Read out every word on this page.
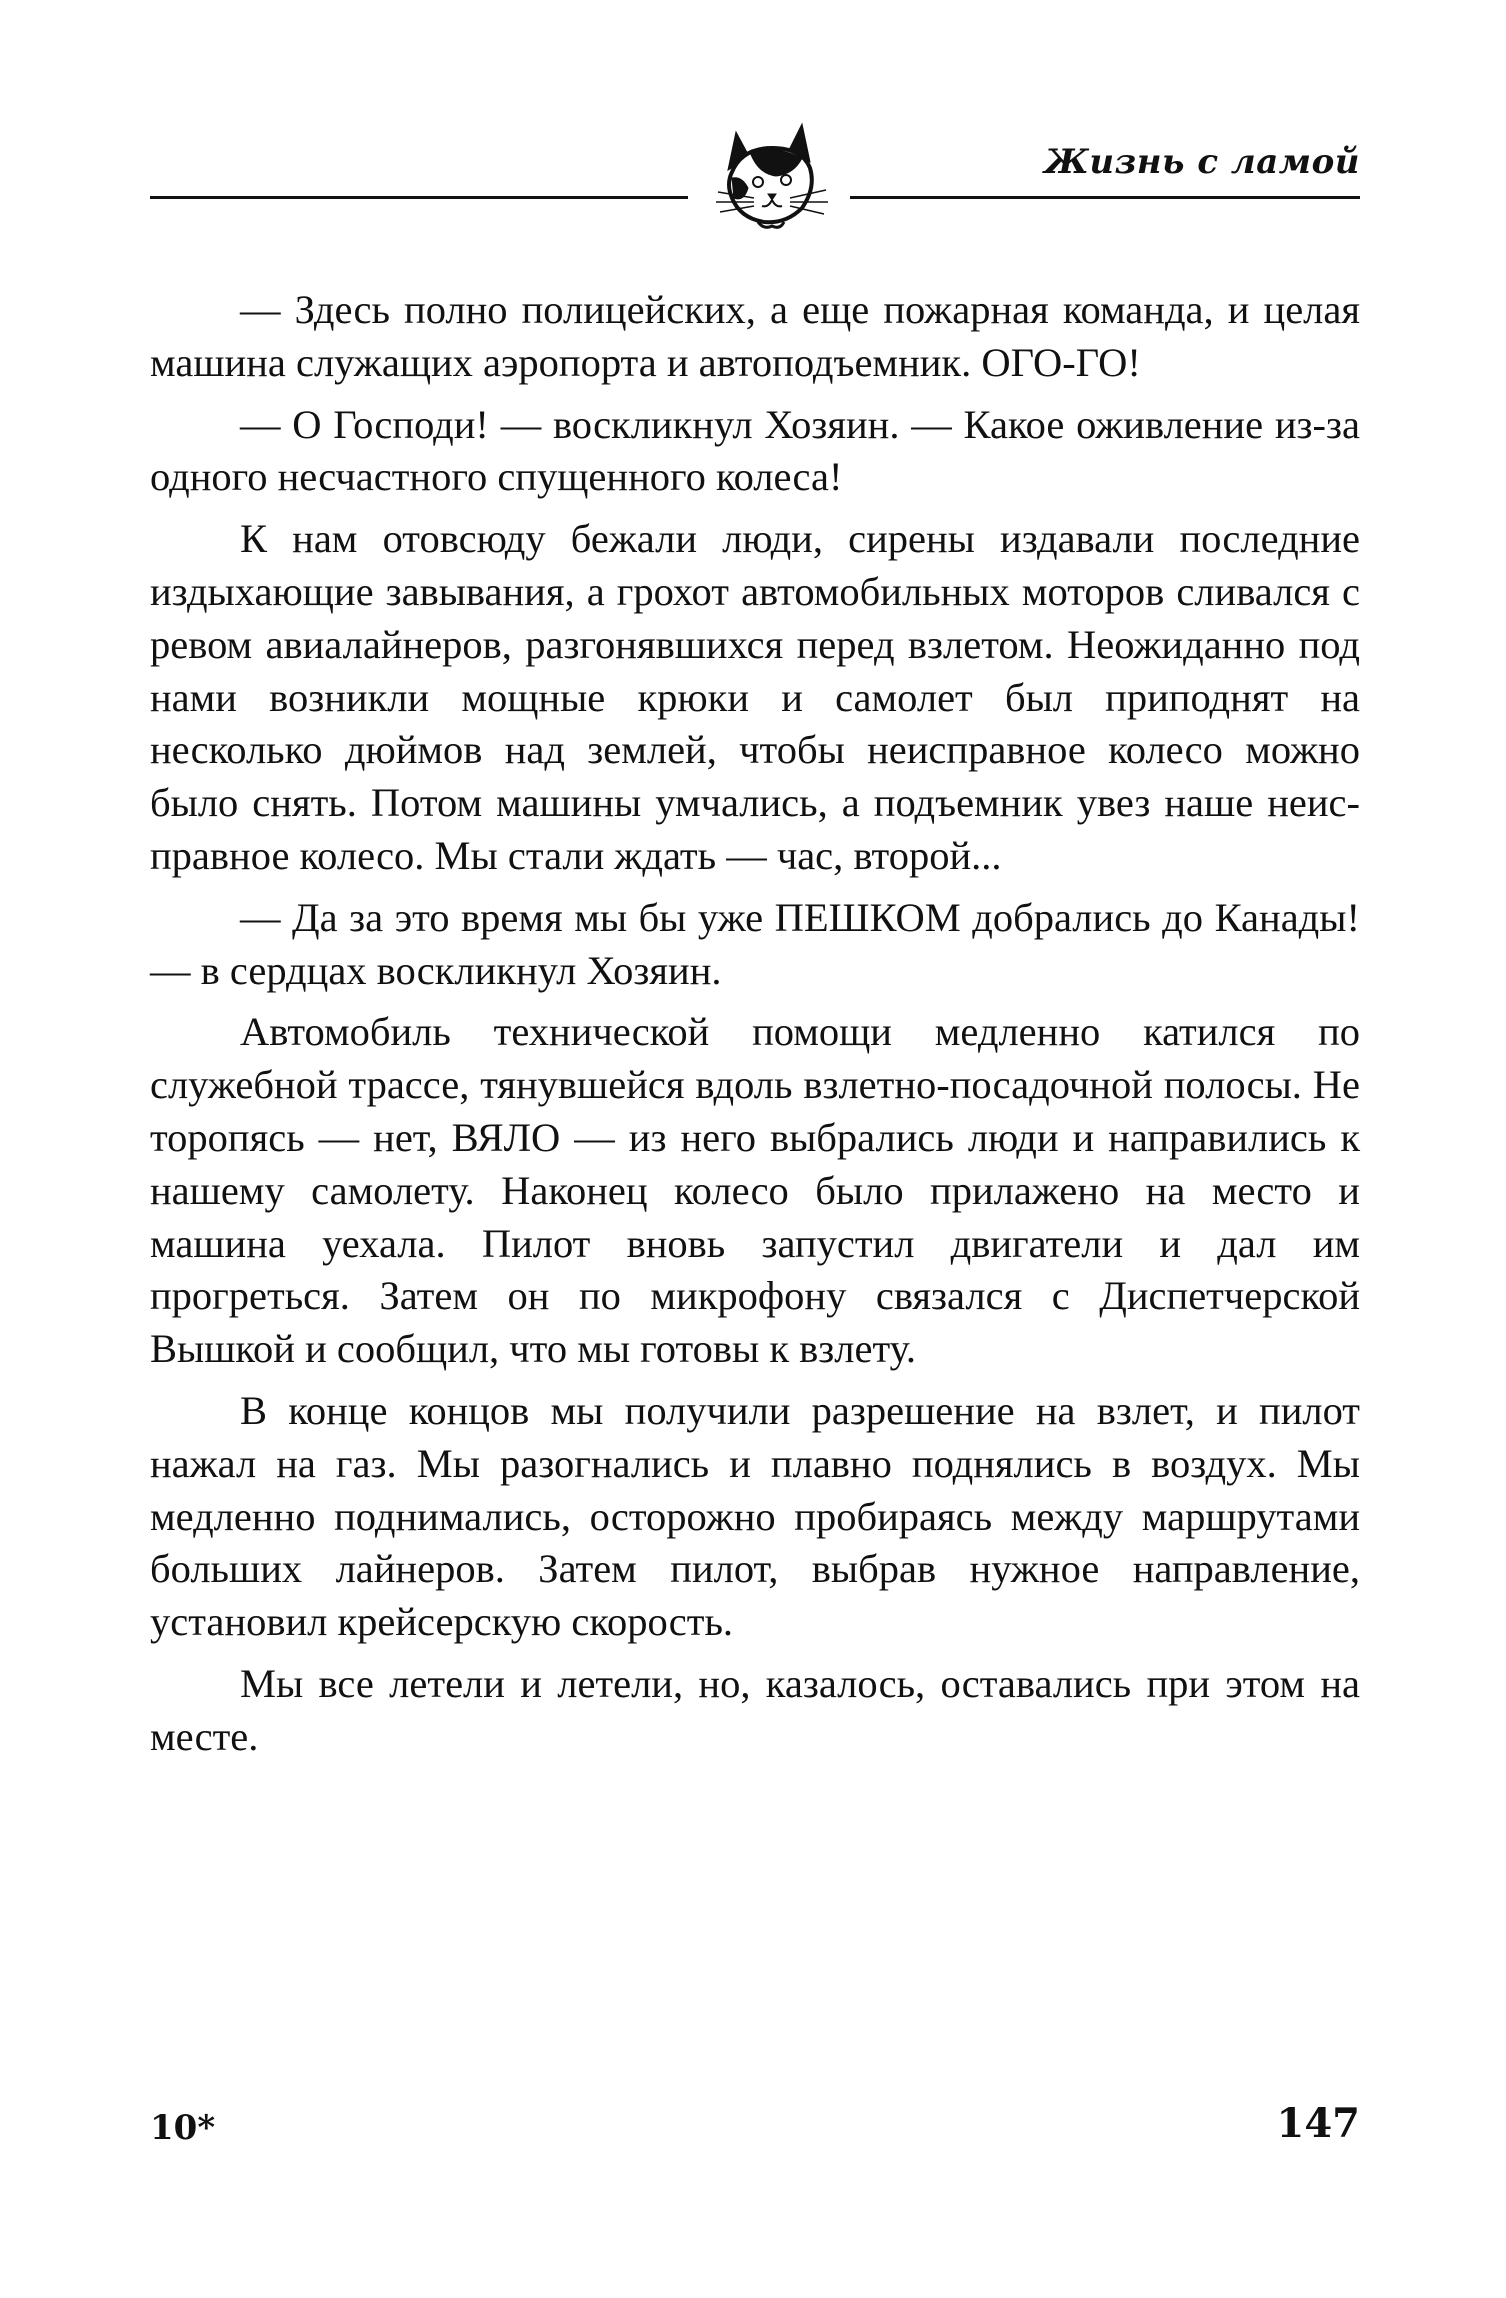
Жизнь с ламой

— Здесь полно полицейских, а еще пожарная команда, и целая машина служащих аэропорта и автоподъемник. ОГО-ГО!

— О Господи! — воскликнул Хозяин. — Какое оживление из-за одного несчастного спущенного колеса!

К нам отовсюду бежали люди, сирены издавали последние издыхающие завывания, а грохот автомобильных моторов сливался с ревом авиалайнеров, разгонявшихся перед взлетом. Неожиданно под нами возникли мощные крюки и самолет был приподнят на несколько дюймов над землей, чтобы неисправное колесо можно было снять. Потом машины умчались, а подъемник увез наше неисправное колесо. Мы стали ждать — час, второй...

— Да за это время мы бы уже ПЕШКОМ добрались до Канады! — в сердцах воскликнул Хозяин.

Автомобиль технической помощи медленно катился по служебной трассе, тянувшейся вдоль взлетно-посадочной полосы. Не торопясь — нет, ВЯЛО — из него выбрались люди и направились к нашему самолету. Наконец колесо было прилажено на место и машина уехала. Пилот вновь запустил двигатели и дал им прогреться. Затем он по микрофону связался с Диспетчерской Вышкой и сообщил, что мы готовы к взлету.

В конце концов мы получили разрешение на взлет, и пилот нажал на газ. Мы разогнались и плавно поднялись в воздух. Мы медленно поднимались, осторожно пробираясь между маршрутами больших лайнеров. Затем пилот, выбрав нужное направление, установил крейсерскую скорость.

Мы все летели и летели, но, казалось, оставались при этом на месте.

10*	147
